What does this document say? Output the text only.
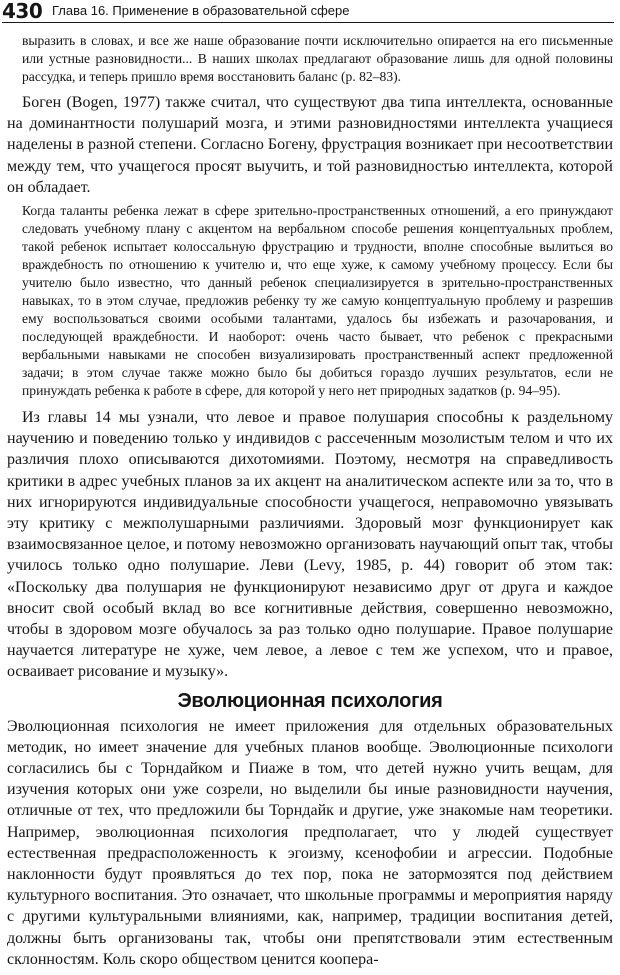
430 Глава 16. Применение в образовательной сфере

выразить в словах, и все же наше образование почти исключительно опирается на его письменные или устные разновидности... В наших школах предлагают образование лишь для одной половины рассудка, и теперь пришло время восстановить баланс (р. 82–83).

Боген (Bogen, 1977) также считал, что существуют два типа интеллекта, основанные на доминантности полушарий мозга, и этими разновидностями интеллекта учащиеся наделены в разной степени. Согласно Богену, фрустрация возникает при несоответствии между тем, что учащегося просят выучить, и той разновидностью интеллекта, которой он обладает.

Когда таланты ребенка лежат в сфере зрительно-пространственных отношений, а его принуждают следовать учебному плану с акцентом на вербальном способе решения концептуальных проблем, такой ребенок испытает колоссальную фрустрацию и трудности, вполне способные вылиться во враждебность по отношению к учителю и, что еще хуже, к самому учебному процессу. Если бы учителю было известно, что данный ребенок специализируется в зрительно-пространственных навыках, то в этом случае, предложив ребенку ту же самую концептуальную проблему и разрешив ему воспользоваться своими особыми талантами, удалось бы избежать и разочарования, и последующей враждебности. И наоборот: очень часто бывает, что ребенок с прекрасными вербальными навыками не способен визуализировать пространственный аспект предложенной задачи; в этом случае также можно было бы добиться гораздо лучших результатов, если не принуждать ребенка к работе в сфере, для которой у него нет природных задатков (р. 94–95).

Из главы 14 мы узнали, что левое и правое полушария способны к раздельному научению и поведению только у индивидов с рассеченным мозолистым телом и что их различия плохо описываются дихотомиями. Поэтому, несмотря на справедливость критики в адрес учебных планов за их акцент на аналитическом аспекте или за то, что в них игнорируются индивидуальные способности учащегося, неправомочно увязывать эту критику с межполушарными различиями. Здоровый мозг функционирует как взаимосвязанное целое, и потому невозможно организовать научающий опыт так, чтобы училось только одно полушарие. Леви (Levy, 1985, р. 44) говорит об этом так: «Поскольку два полушария не функционируют независимо друг от друга и каждое вносит свой особый вклад во все когнитивные действия, совершенно невозможно, чтобы в здоровом мозге обучалось за раз только одно полушарие. Правое полушарие научается литературе не хуже, чем левое, а левое с тем же успехом, что и правое, осваивает рисование и музыку».

Эволюционная психология

Эволюционная психология не имеет приложения для отдельных образовательных методик, но имеет значение для учебных планов вообще. Эволюционные психологи согласились бы с Торндайком и Пиаже в том, что детей нужно учить вещам, для изучения которых они уже созрели, но выделили бы иные разновидности научения, отличные от тех, что предложили бы Торндайк и другие, уже знакомые нам теоретики. Например, эволюционная психология предполагает, что у людей существует естественная предрасположенность к эгоизму, ксенофобии и агрессии. Подобные наклонности будут проявляться до тех пор, пока не затормозятся под действием культурного воспитания. Это означает, что школьные программы и мероприятия наряду с другими культуральными влияниями, как, например, традиции воспитания детей, должны быть организованы так, чтобы они препятствовали этим естественным склонностям. Коль скоро обществом ценится коопера-
